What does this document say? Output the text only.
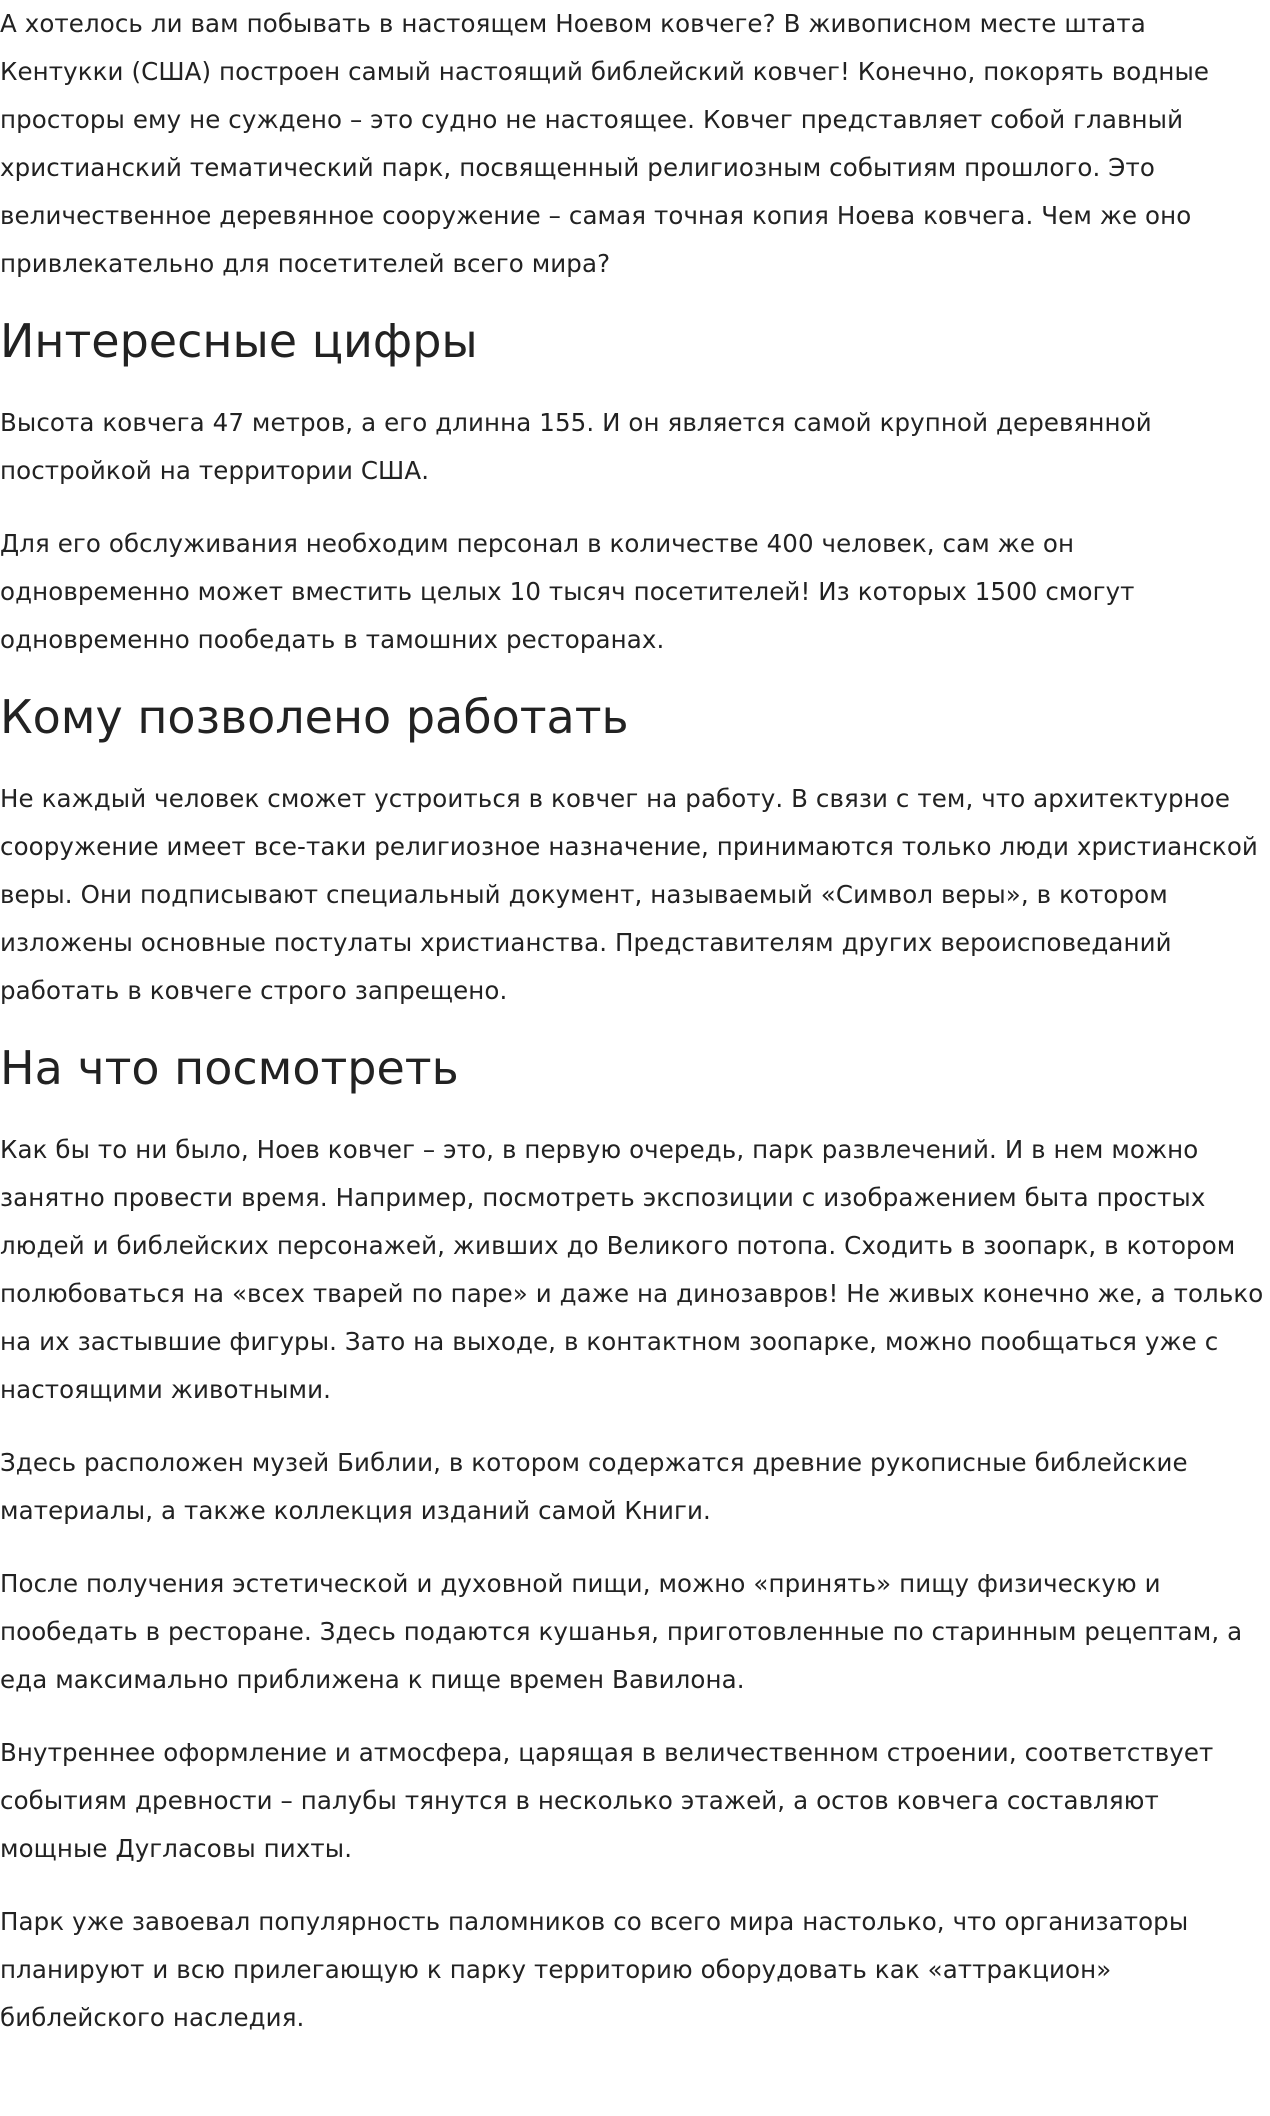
А хотелось ли вам побывать в настоящем Ноевом ковчеге? В живописном месте штата Кентукки (США) построен самый настоящий библейский ковчег! Конечно, покорять водные просторы ему не суждено – это судно не настоящее. Ковчег представляет собой главный христианский тематический парк, посвященный религиозным событиям прошлого. Это величественное деревянное сооружение – самая точная копия Ноева ковчега. Чем же оно привлекательно для посетителей всего мира?

Интересные цифры

Высота ковчега 47 метров, а его длинна 155. И он является самой крупной деревянной постройкой на территории США.

Для его обслуживания необходим персонал в количестве 400 человек, сам же он одновременно может вместить целых 10 тысяч посетителей! Из которых 1500 смогут одновременно пообедать в тамошних ресторанах.

Кому позволено работать

Не каждый человек сможет устроиться в ковчег на работу. В связи с тем, что архитектурное сооружение имеет все-таки религиозное назначение, принимаются только люди христианской веры. Они подписывают специальный документ, называемый «Символ веры», в котором изложены основные постулаты христианства. Представителям других вероисповеданий работать в ковчеге строго запрещено.

На что посмотреть

Как бы то ни было, Ноев ковчег – это, в первую очередь, парк развлечений. И в нем можно занятно провести время. Например, посмотреть экспозиции с изображением быта простых людей и библейских персонажей, живших до Великого потопа. Сходить в зоопарк, в котором полюбоваться на «всех тварей по паре» и даже на динозавров! Не живых конечно же, а только на их застывшие фигуры. Зато на выходе, в контактном зоопарке, можно пообщаться уже с настоящими животными.

Здесь расположен музей Библии, в котором содержатся древние рукописные библейские материалы, а также коллекция изданий самой Книги.

После получения эстетической и духовной пищи, можно «принять» пищу физическую и пообедать в ресторане. Здесь подаются кушанья, приготовленные по старинным рецептам, а еда максимально приближена к пище времен Вавилона.

Внутреннее оформление и атмосфера, царящая в величественном строении, соответствует событиям древности – палубы тянутся в несколько этажей, а остов ковчега составляют мощные Дугласовы пихты.

Парк уже завоевал популярность паломников со всего мира настолько, что организаторы планируют и всю прилегающую к парку территорию оборудовать как «аттракцион» библейского наследия.
